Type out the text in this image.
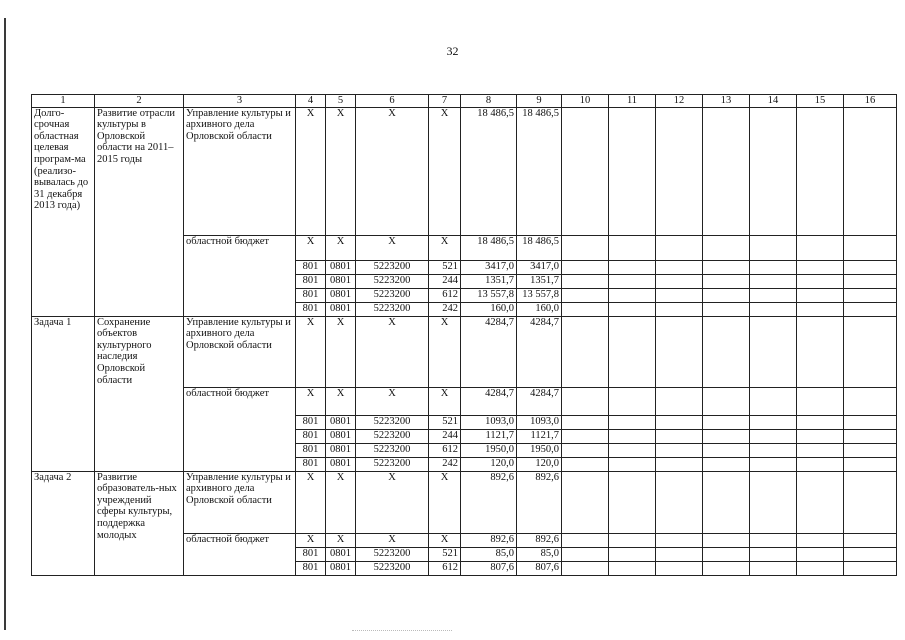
32
1	2	3	4	5	6	7	8	9	10	11	12	13	14	15	16
Долго-срочная областная целевая програм-ма (реализо-вывалась до 31 декабря 2013 года)	Развитие отрасли культуры в Орловской области на 2011–2015 годы	Управление культуры и архивного дела Орловской области	Х	Х	Х	Х	18 486,5	18 486,5							
		областной бюджет	Х	Х	Х	Х	18 486,5	18 486,5							
			801	0801	5223200	521	3417,0	3417,0							
			801	0801	5223200	244	1351,7	1351,7							
			801	0801	5223200	612	13 557,8	13 557,8							
			801	0801	5223200	242	160,0	160,0							
Задача 1	Сохранение объектов культурного наследия Орловской области	Управление культуры и архивного дела Орловской области	Х	Х	Х	Х	4284,7	4284,7							
		областной бюджет	Х	Х	Х	Х	4284,7	4284,7							
			801	0801	5223200	521	1093,0	1093,0							
			801	0801	5223200	244	1121,7	1121,7							
			801	0801	5223200	612	1950,0	1950,0							
			801	0801	5223200	242	120,0	120,0							
Задача 2	Развитие образователь-ных учреждений сферы культуры, поддержка молодых	Управление культуры и архивного дела Орловской области	Х	Х	Х	Х	892,6	892,6							
		областной бюджет	Х	Х	Х	Х	892,6	892,6							
			801	0801	5223200	521	85,0	85,0							
			801	0801	5223200	612	807,6	807,6							
